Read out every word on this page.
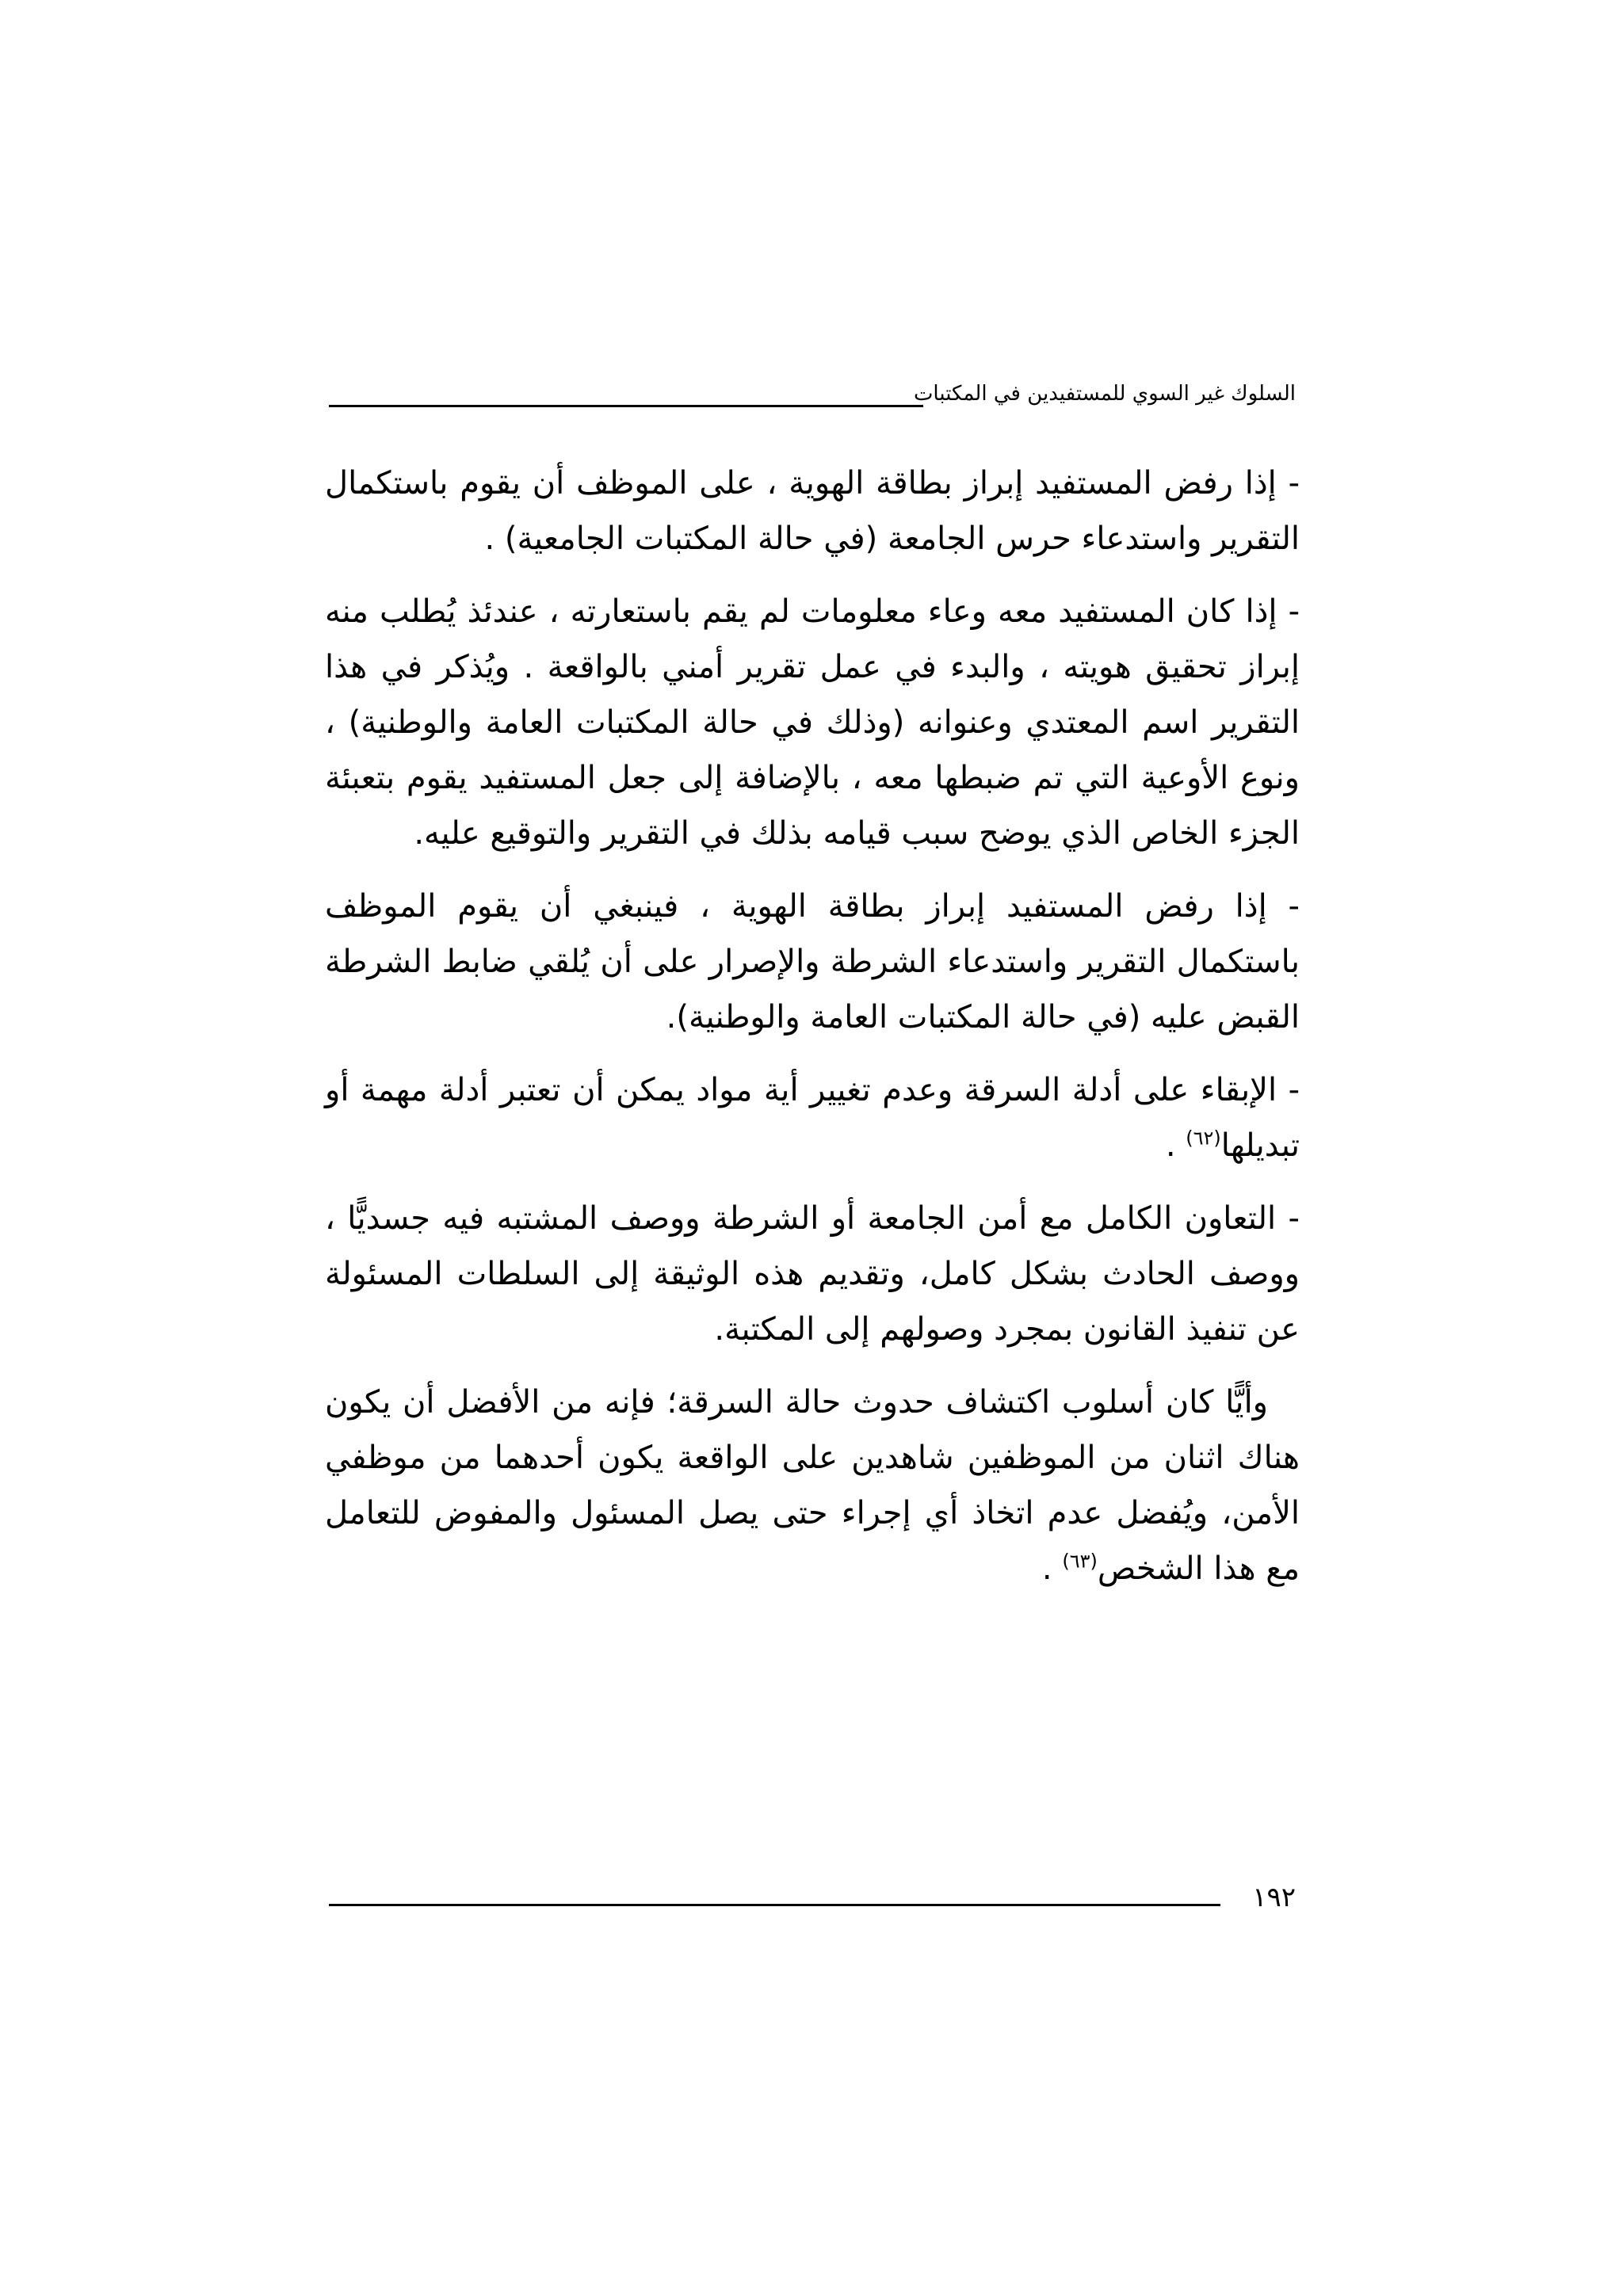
السلوك غير السوي للمستفيدين في المكتبات

- إذا رفض المستفيد إبراز بطاقة الهوية ، على الموظف أن يقوم باستكمال التقرير واستدعاء حرس الجامعة (في حالة المكتبات الجامعية) .

- إذا كان المستفيد معه وعاء معلومات لم يقم باستعارته ، عندئذ يُطلب منه إبراز تحقيق هويته ، والبدء في عمل تقرير أمني بالواقعة . ويُذكر في هذا التقرير اسم المعتدي وعنوانه (وذلك في حالة المكتبات العامة والوطنية) ، ونوع الأوعية التي تم ضبطها معه ، بالإضافة إلى جعل المستفيد يقوم بتعبئة الجزء الخاص الذي يوضح سبب قيامه بذلك في التقرير والتوقيع عليه.

- إذا رفض المستفيد إبراز بطاقة الهوية ، فينبغي أن يقوم الموظف باستكمال التقرير واستدعاء الشرطة والإصرار على أن يُلقي ضابط الشرطة القبض عليه (في حالة المكتبات العامة والوطنية).

- الإبقاء على أدلة السرقة وعدم تغيير أية مواد يمكن أن تعتبر أدلة مهمة أو تبديلها$^{(٦٢)}$ .

- التعاون الكامل مع أمن الجامعة أو الشرطة ووصف المشتبه فيه جسديًّا ، ووصف الحادث بشكل كامل، وتقديم هذه الوثيقة إلى السلطات المسئولة عن تنفيذ القانون بمجرد وصولهم إلى المكتبة.

وأيًّا كان أسلوب اكتشاف حدوث حالة السرقة؛ فإنه من الأفضل أن يكون هناك اثنان من الموظفين شاهدين على الواقعة يكون أحدهما من موظفي الأمن، ويُفضل عدم اتخاذ أي إجراء حتى يصل المسئول والمفوض للتعامل مع هذا الشخص$^{(٦٣)}$ .

١٩٢
